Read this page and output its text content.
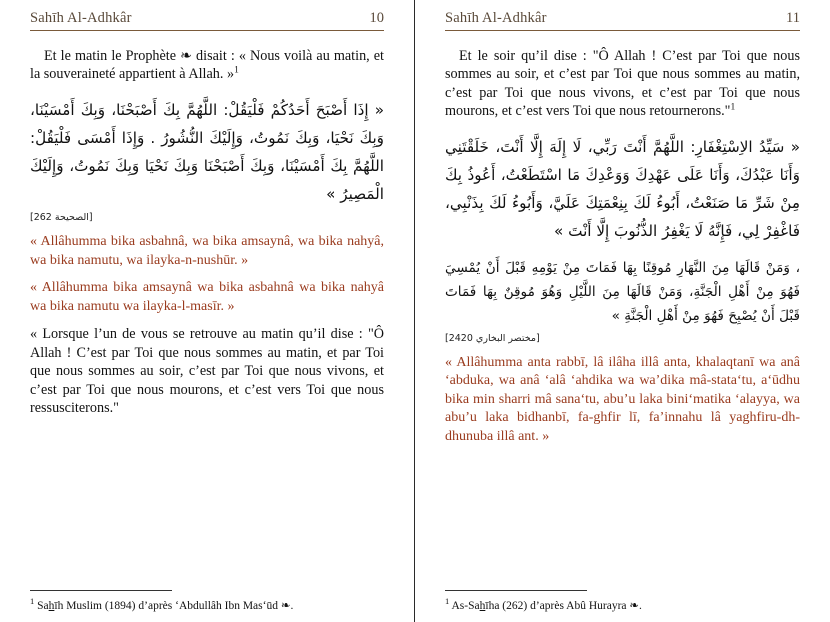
Sahīh Al-Adhkâr	10

Et le matin le Prophète ❧ disait : « Nous voilà au matin, et la souveraineté appartient à Allah. »$^1$

« إِذَا أَصْبَحَ أَحَدُكُمْ فَلْيَقُلْ: اللَّهُمَّ بِكَ أَصْبَحْنَا، وَبِكَ أَمْسَيْنَا، وَبِكَ نَحْيَا، وَبِكَ نَمُوتُ، وَإِلَيْكَ النُّشُورُ . وَإِذَا أَمْسَى فَلْيَقُلْ: اللَّهُمَّ بِكَ أَمْسَيْنَا، وَبِكَ أَصْبَحْنَا وَبِكَ نَحْيَا وَبِكَ نَمُوتُ، وَإِلَيْكَ الْمَصِيرُ »
[الصحيحة 262]

« Allâhumma bika asbahnâ, wa bika amsaynâ, wa bika nahyâ, wa bika namutu, wa ilayka-n-nushūr. »

« Allâhumma bika amsaynâ wa bika asbahnâ wa bika nahyâ wa bika namutu wa ilayka-l-masīr. »

« Lorsque l’un de vous se retrouve au matin qu’il dise : "Ô Allah ! C’est par Toi que nous sommes au matin, et par Toi que nous sommes au soir, c’est par Toi que nous vivons, et c’est par Toi que nous mourons, et c’est vers Toi que nous ressusciterons."

$^1$ Sahīh Muslim (1894) d’après ‘Abdullâh Ibn Mas‘ūd ❧.

Sahīh Al-Adhkâr	11

Et le soir qu’il dise : "Ô Allah ! C’est par Toi que nous sommes au soir, et c’est par Toi que nous sommes au matin, c’est par Toi que nous vivons, et c’est par Toi que nous mourons, et c’est vers Toi que nous retournerons."$^1$

« سَيِّدُ الاِسْتِغْفَارِ: اللَّهُمَّ أَنْتَ رَبِّي، لَا إِلَهَ إِلَّا أَنْتَ، خَلَقْتَنِي وَأَنَا عَبْدُكَ، وَأَنَا عَلَى عَهْدِكَ وَوَعْدِكَ مَا اسْتَطَعْتُ، أَعُوذُ بِكَ مِنْ شَرِّ مَا صَنَعْتُ، أَبُوءُ لَكَ بِنِعْمَتِكَ عَلَيَّ، وَأَبُوءُ لَكَ بِذَنْبِي، فَاغْفِرْ لِي، فَإِنَّهُ لَا يَغْفِرُ الذُّنُوبَ إِلَّا أَنْتَ »
، وَمَنْ قَالَهَا مِنَ النَّهَارِ مُوقِنًا بِهَا فَمَاتَ مِنْ يَوْمِهِ قَبْلَ أَنْ يُمْسِيَ فَهُوَ مِنْ أَهْلِ الْجَنَّةِ، وَمَنْ قَالَهَا مِنَ اللَّيْلِ وَهُوَ مُوقِنٌ بِهَا فَمَاتَ قَبْلَ أَنْ يُصْبِحَ فَهُوَ مِنْ أَهْلِ الْجَنَّةِ »
[مختصر البخاري 2420]

« Allâhumma anta rabbī, lâ ilâha illâ anta, khalaqtanī wa anâ ‘abduka, wa anâ ‘alâ ‘ahdika wa wa’dika mâ-stata‘tu, a‘ūdhu bika min sharri mâ sana‘tu, abu’u laka bini‘matika ‘alayya, wa abu’u laka bidhanbī, fa-ghfir lī, fa’innahu lâ yaghfiru-dh-dhunuba illâ ant. »

$^1$ As-Sahīha (262) d’après Abû Hurayra ❧.
